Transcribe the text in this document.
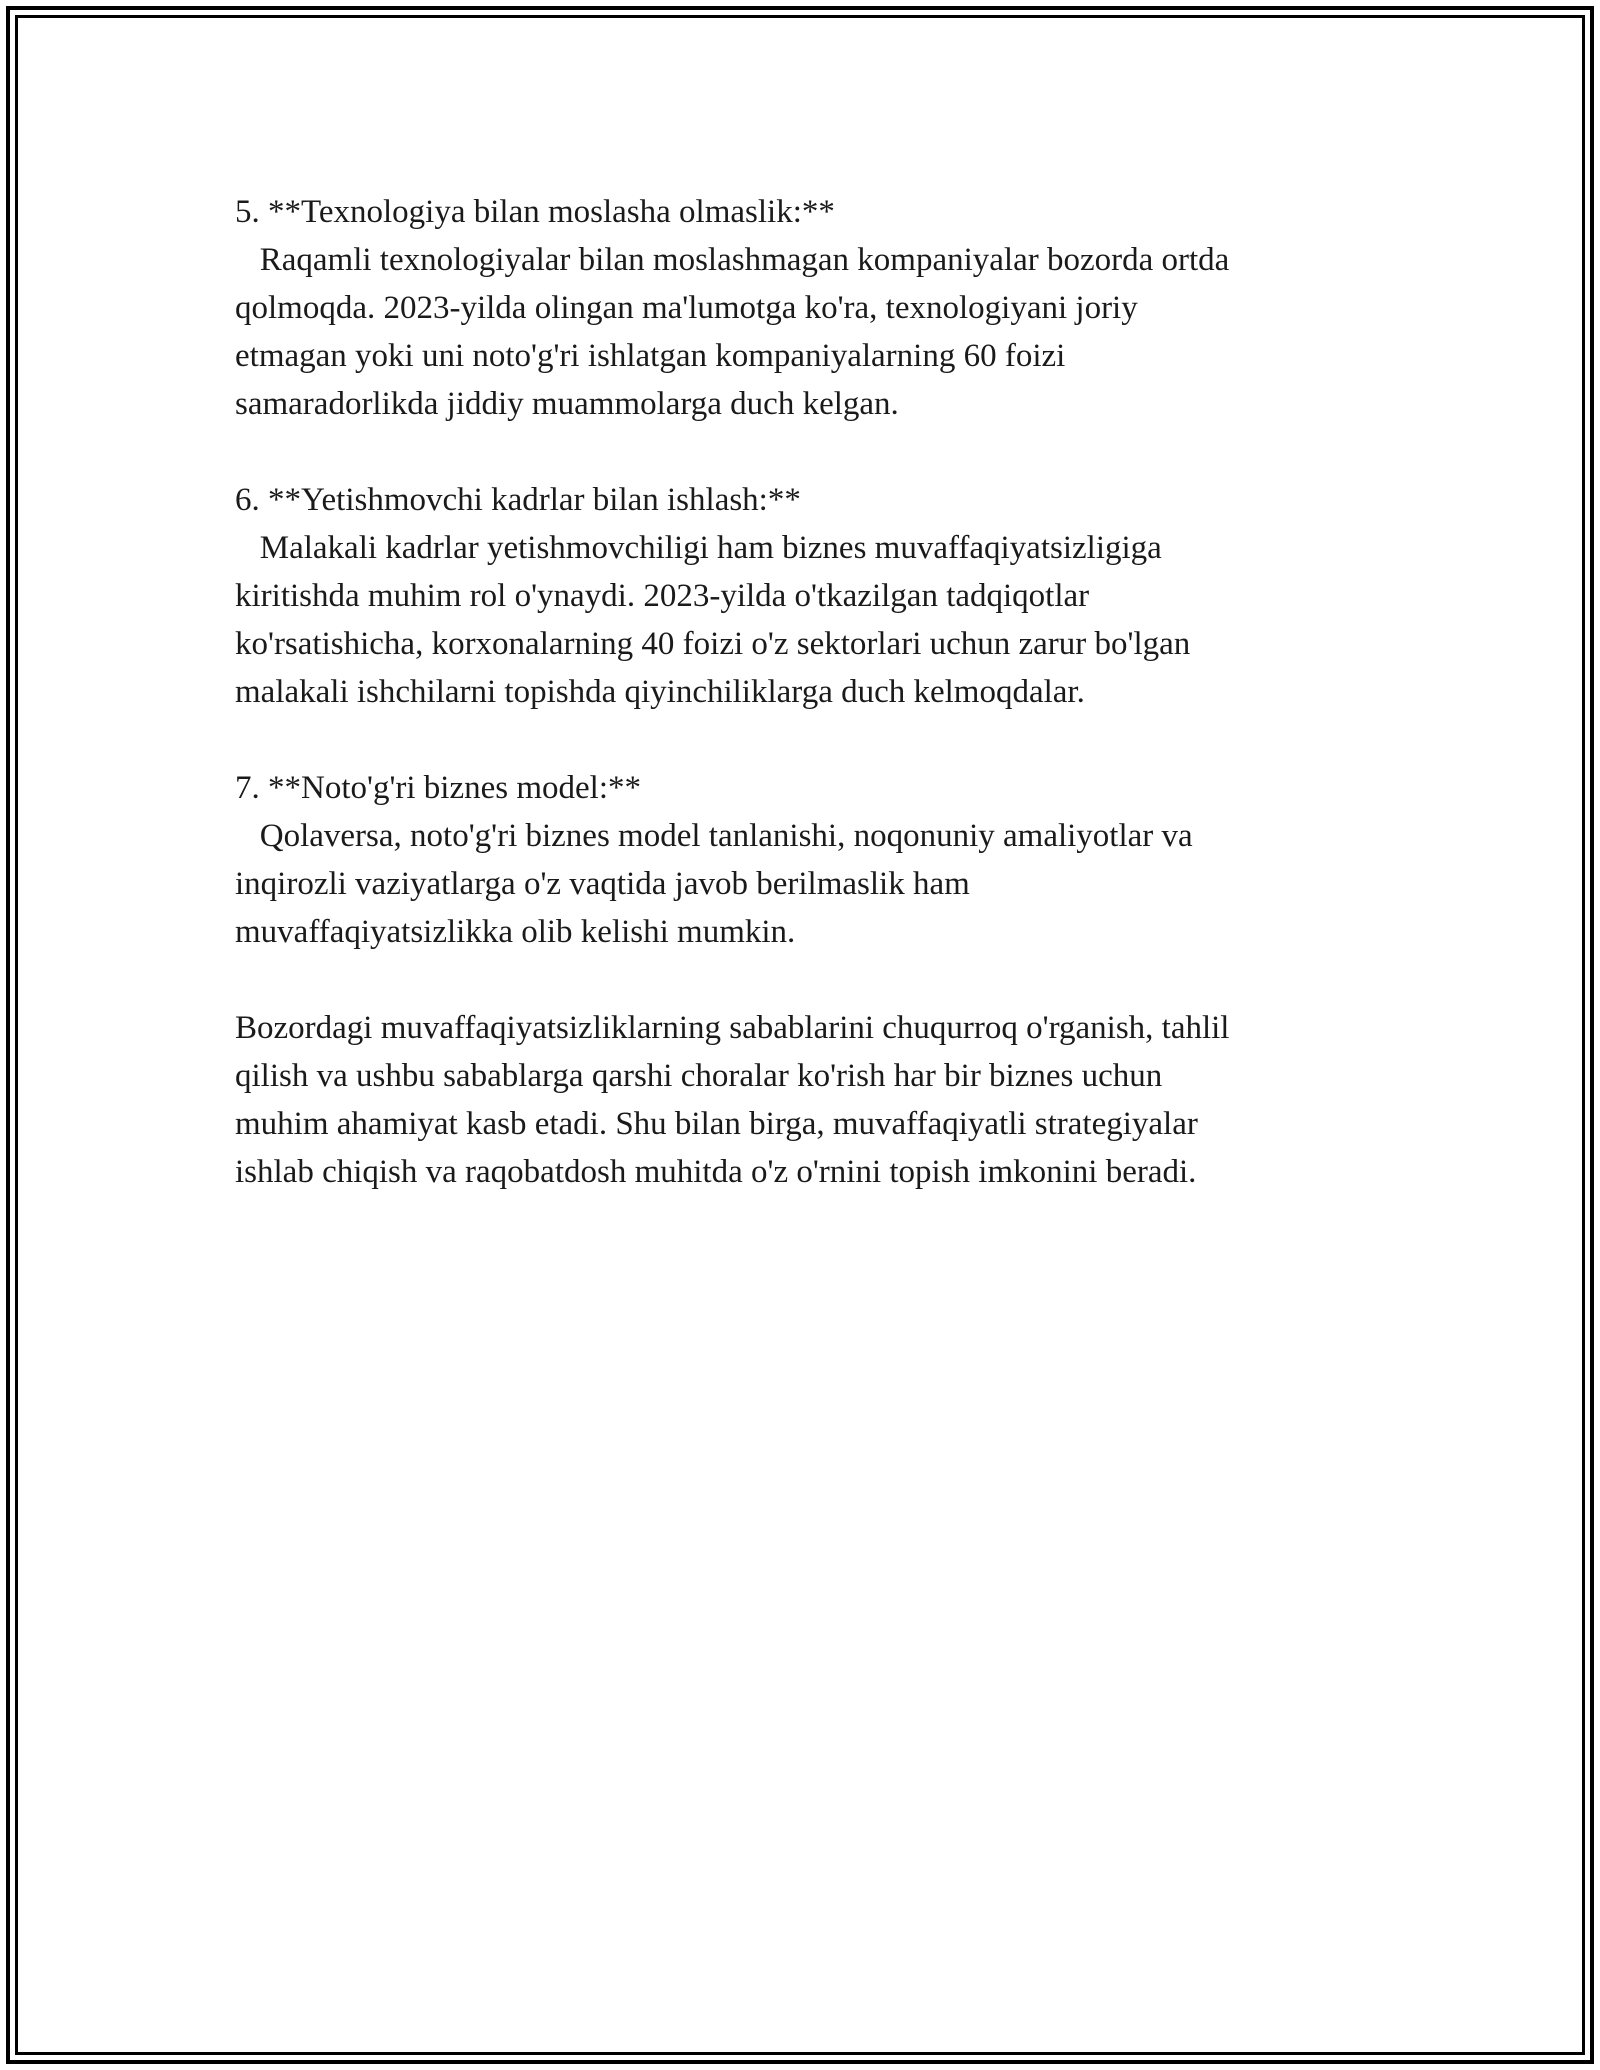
5. **Texnologiya bilan moslasha olmaslik:**

Raqamli texnologiyalar bilan moslashmagan kompaniyalar bozorda ortda
qolmoqda. 2023-yilda olingan ma'lumotga ko'ra, texnologiyani joriy
etmagan yoki uni noto'g'ri ishlatgan kompaniyalarning 60 foizi
samaradorlikda jiddiy muammolarga duch kelgan.

6. **Yetishmovchi kadrlar bilan ishlash:**

Malakali kadrlar yetishmovchiligi ham biznes muvaffaqiyatsizligiga
kiritishda muhim rol o'ynaydi. 2023-yilda o'tkazilgan tadqiqotlar
ko'rsatishicha, korxonalarning 40 foizi o'z sektorlari uchun zarur bo'lgan
malakali ishchilarni topishda qiyinchiliklarga duch kelmoqdalar.

7. **Noto'g'ri biznes model:**

Qolaversa, noto'g'ri biznes model tanlanishi, noqonuniy amaliyotlar va
inqirozli vaziyatlarga o'z vaqtida javob berilmaslik ham
muvaffaqiyatsizlikka olib kelishi mumkin.

Bozordagi muvaffaqiyatsizliklarning sabablarini chuqurroq o'rganish, tahlil
qilish va ushbu sabablarga qarshi choralar ko'rish har bir biznes uchun
muhim ahamiyat kasb etadi. Shu bilan birga, muvaffaqiyatli strategiyalar
ishlab chiqish va raqobatdosh muhitda o'z o'rnini topish imkonini beradi.
